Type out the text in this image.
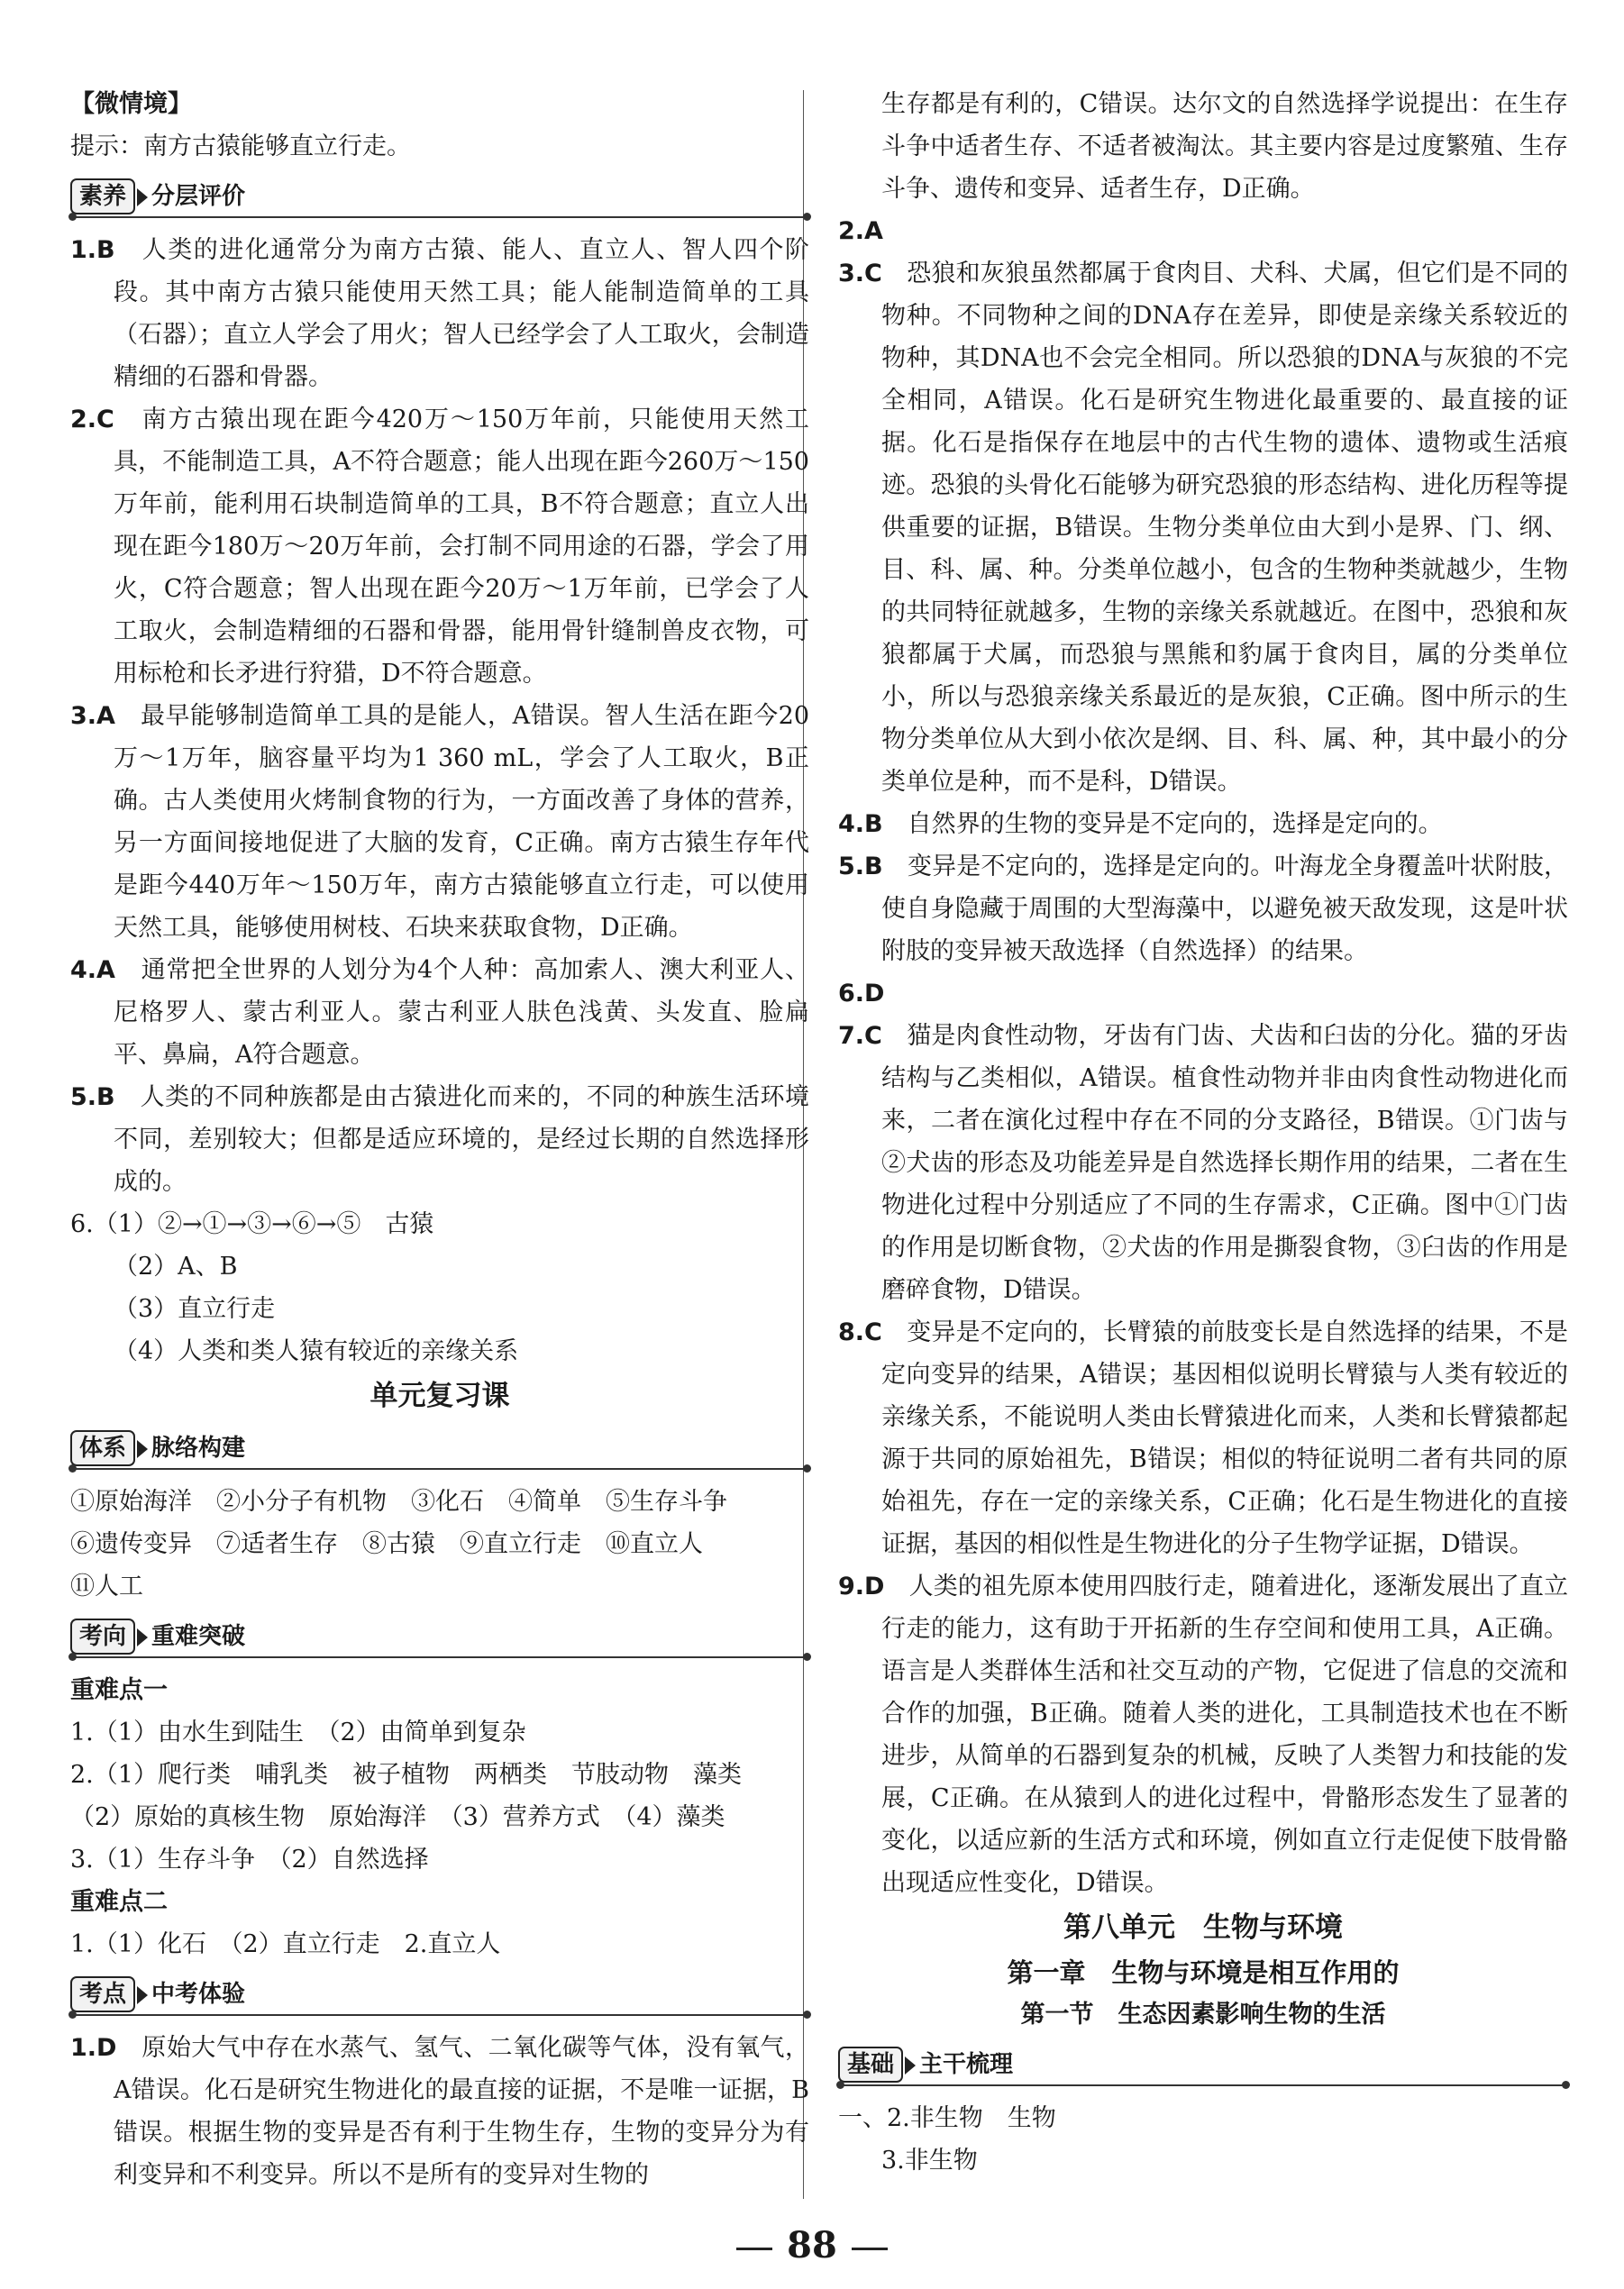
【微情境】

提示：南方古猿能够直立行走。

素养 分层评价

1.B　 人类的进化通常分为南方古猿、能人、直立人、智人四个阶段。其中南方古猿只能使用天然工具；能人能制造简单的工具（石器）；直立人学会了用火；智人已经学会了人工取火，会制造精细的石器和骨器。

2.C　 南方古猿出现在距今420万～150万年前，只能使用天然工具，不能制造工具，A不符合题意；能人出现在距今260万～150万年前，能利用石块制造简单的工具，B不符合题意；直立人出现在距今180万～20万年前，会打制不同用途的石器，学会了用火，C符合题意；智人出现在距今20万～1万年前，已学会了人工取火，会制造精细的石器和骨器，能用骨针缝制兽皮衣物，可用标枪和长矛进行狩猎，D不符合题意。

3.A　 最早能够制造简单工具的是能人，A错误。智人生活在距今20万～1万年，脑容量平均为1 360 mL，学会了人工取火，B正确。古人类使用火烤制食物的行为，一方面改善了身体的营养，另一方面间接地促进了大脑的发育，C正确。南方古猿生存年代是距今440万年～150万年，南方古猿能够直立行走，可以使用天然工具，能够使用树枝、石块来获取食物，D正确。

4.A　 通常把全世界的人划分为4个人种：高加索人、澳大利亚人、尼格罗人、蒙古利亚人。蒙古利亚人肤色浅黄、头发直、脸扁平、鼻扁，A符合题意。

5.B　 人类的不同种族都是由古猿进化而来的，不同的种族生活环境不同，差别较大；但都是适应环境的，是经过长期的自然选择形成的。

6.（1）②→①→③→⑥→⑤　古猿

（2）A、B

（3）直立行走

（4）人类和类人猿有较近的亲缘关系

单元复习课

体系 脉络构建

①原始海洋　②小分子有机物　③化石　④简单　⑤生存斗争

⑥遗传变异　⑦适者生存　⑧古猿　⑨直立行走　⑩直立人

⑪人工

考向 重难突破

重难点一

1.（1）由水生到陆生　（2）由简单到复杂

2.（1）爬行类　哺乳类　被子植物　两栖类　节肢动物　藻类

（2）原始的真核生物　原始海洋　（3）营养方式　（4）藻类

3.（1）生存斗争　（2）自然选择

重难点二

1.（1）化石　（2）直立行走　2.直立人

考点 中考体验

1.D　 原始大气中存在水蒸气、氢气、二氧化碳等气体，没有氧气，A错误。化石是研究生物进化的最直接的证据，不是唯一证据，B错误。根据生物的变异是否有利于生物生存，生物的变异分为有利变异和不利变异。所以不是所有的变异对生物的

生存都是有利的，C错误。达尔文的自然选择学说提出：在生存斗争中适者生存、不适者被淘汰。其主要内容是过度繁殖、生存斗争、遗传和变异、适者生存，D正确。

2.A

3.C　 恐狼和灰狼虽然都属于食肉目、犬科、犬属，但它们是不同的物种。不同物种之间的DNA存在差异，即使是亲缘关系较近的物种，其DNA也不会完全相同。所以恐狼的DNA与灰狼的不完全相同，A错误。化石是研究生物进化最重要的、最直接的证据。化石是指保存在地层中的古代生物的遗体、遗物或生活痕迹。恐狼的头骨化石能够为研究恐狼的形态结构、进化历程等提供重要的证据，B错误。生物分类单位由大到小是界、门、纲、目、科、属、种。分类单位越小，包含的生物种类就越少，生物的共同特征就越多，生物的亲缘关系就越近。在图中，恐狼和灰狼都属于犬属，而恐狼与黑熊和豹属于食肉目，属的分类单位小，所以与恐狼亲缘关系最近的是灰狼，C正确。图中所示的生物分类单位从大到小依次是纲、目、科、属、种，其中最小的分类单位是种，而不是科，D错误。

4.B　 自然界的生物的变异是不定向的，选择是定向的。

5.B　 变异是不定向的，选择是定向的。叶海龙全身覆盖叶状附肢，使自身隐藏于周围的大型海藻中，以避免被天敌发现，这是叶状附肢的变异被天敌选择（自然选择）的结果。

6.D

7.C　 猫是肉食性动物，牙齿有门齿、犬齿和臼齿的分化。猫的牙齿结构与乙类相似，A错误。植食性动物并非由肉食性动物进化而来，二者在演化过程中存在不同的分支路径，B错误。①门齿与②犬齿的形态及功能差异是自然选择长期作用的结果，二者在生物进化过程中分别适应了不同的生存需求，C正确。图中①门齿的作用是切断食物，②犬齿的作用是撕裂食物，③臼齿的作用是磨碎食物，D错误。

8.C　 变异是不定向的，长臂猿的前肢变长是自然选择的结果，不是定向变异的结果，A错误；基因相似说明长臂猿与人类有较近的亲缘关系，不能说明人类由长臂猿进化而来，人类和长臂猿都起源于共同的原始祖先，B错误；相似的特征说明二者有共同的原始祖先，存在一定的亲缘关系，C正确；化石是生物进化的直接证据，基因的相似性是生物进化的分子生物学证据，D错误。

9.D　 人类的祖先原本使用四肢行走，随着进化，逐渐发展出了直立行走的能力，这有助于开拓新的生存空间和使用工具，A正确。语言是人类群体生活和社交互动的产物，它促进了信息的交流和合作的加强，B正确。随着人类的进化，工具制造技术也在不断进步，从简单的石器到复杂的机械，反映了人类智力和技能的发展，C正确。在从猿到人的进化过程中，骨骼形态发生了显著的变化，以适应新的生活方式和环境，例如直立行走促使下肢骨骼出现适应性变化，D错误。

第八单元　生物与环境

第一章　生物与环境是相互作用的

第一节　生态因素影响生物的生活

基础 主干梳理

一、2.非生物　生物

3.非生物

88
